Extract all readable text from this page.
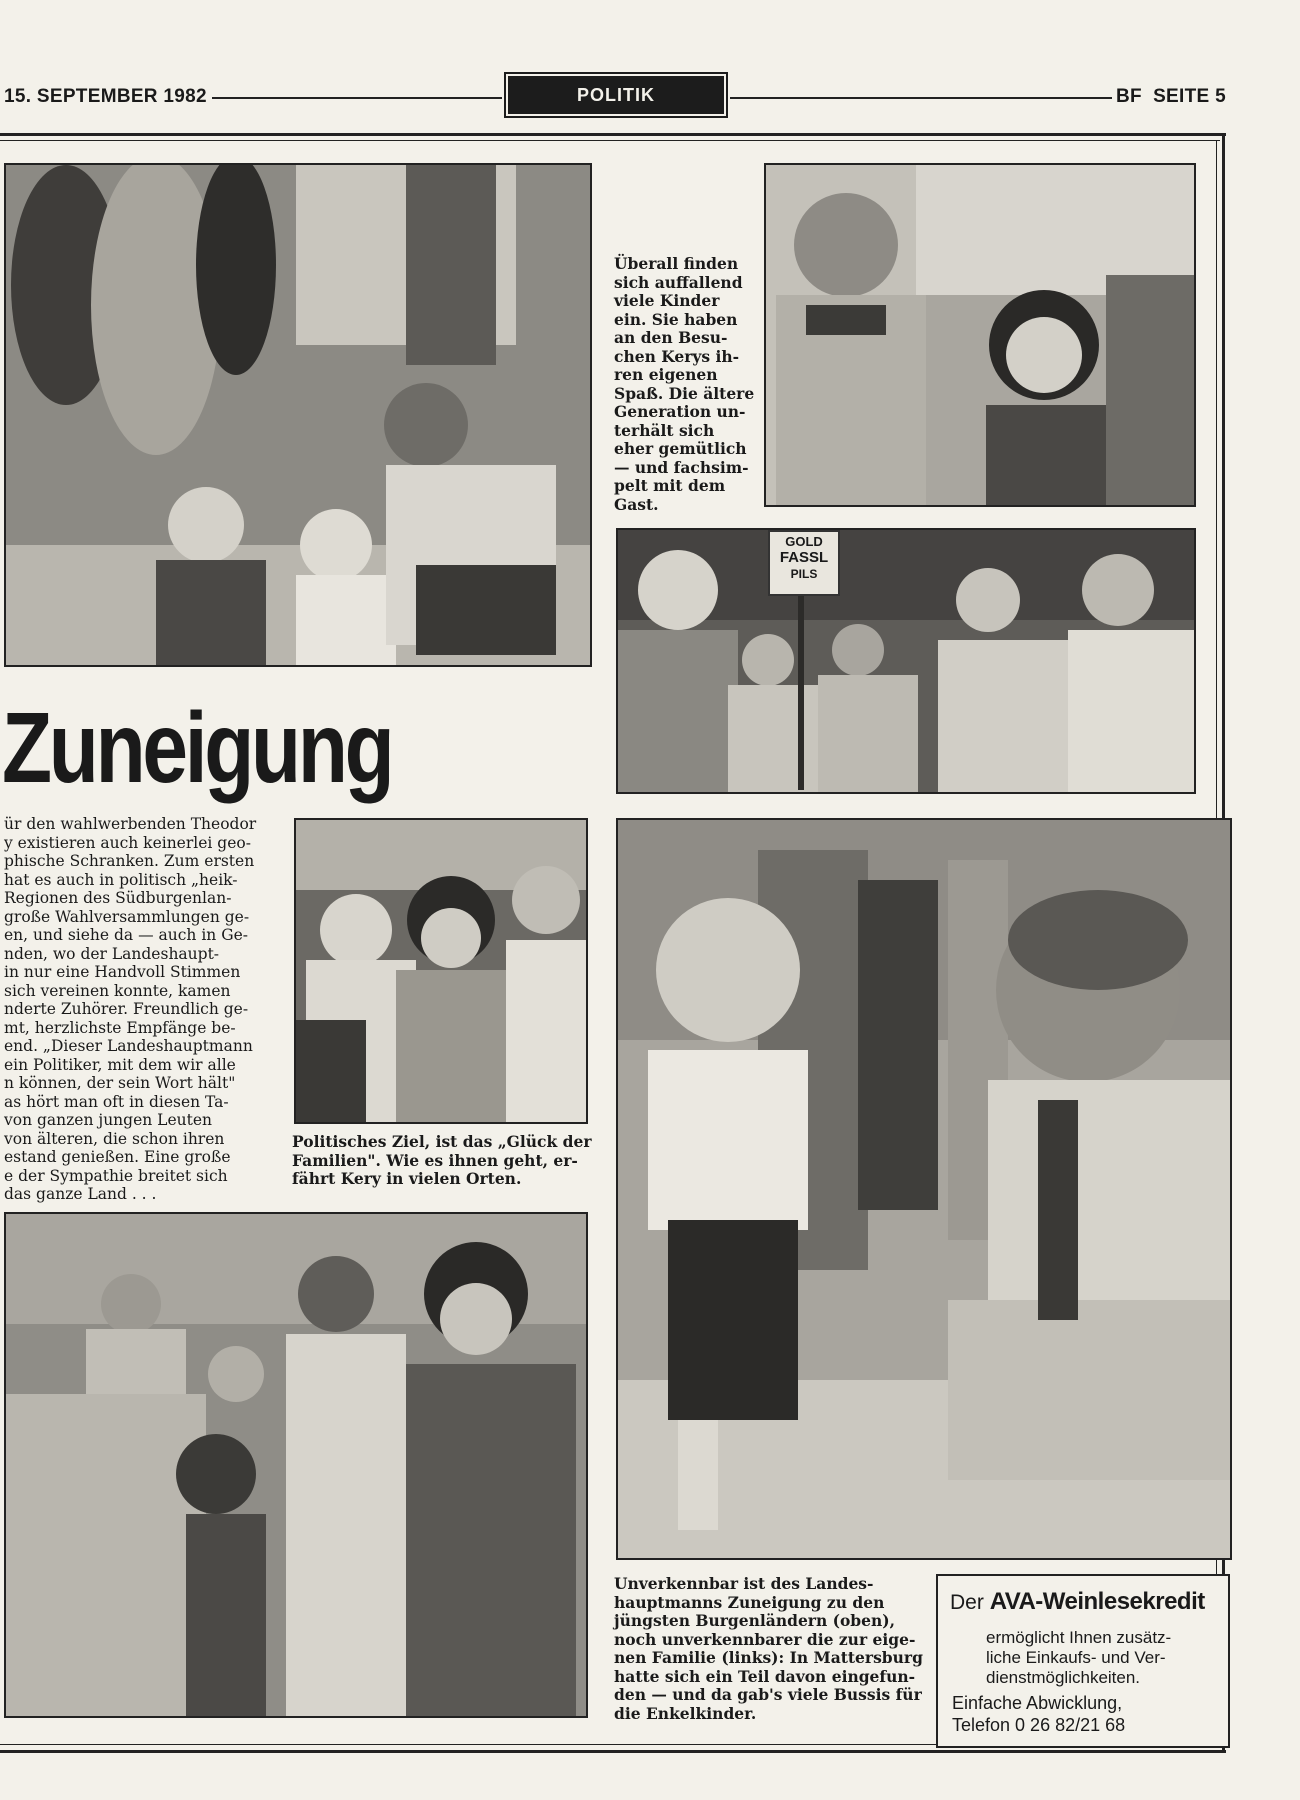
15. SEPTEMBER 1982	POLITIK	BF  SEITE 5
Überall finden
sich auffallend
viele Kinder
ein. Sie haben
an den Besu-
chen Kerys ih-
ren eigenen
Spaß. Die ältere
Generation un-
terhält sich
eher gemütlich
— und fachsim-
pelt mit dem
Gast.
GOLD
FASSL
PILS
Zuneigung
ür den wahlwerbenden Theodor
y existieren auch keinerlei geo-
phische Schranken. Zum ersten
hat es auch in politisch „heik-
Regionen des Südburgenlan-
große Wahlversammlungen ge-
en, und siehe da — auch in Ge-
nden, wo der Landeshaupt-
in nur eine Handvoll Stimmen
sich vereinen konnte, kamen
nderte Zuhörer. Freundlich ge-
mt, herzlichste Empfänge be-
end. „Dieser Landeshauptmann
ein Politiker, mit dem wir alle
n können, der sein Wort hält"
as hört man oft in diesen Ta-
von ganzen jungen Leuten
von älteren, die schon ihren
estand genießen. Eine große
e der Sympathie breitet sich
das ganze Land . . .
Politisches Ziel, ist das „Glück der
Familien". Wie es ihnen geht, er-
fährt Kery in vielen Orten.
Unverkennbar ist des Landes-
hauptmanns Zuneigung zu den
jüngsten Burgenländern (oben),
noch unverkennbarer die zur eige-
nen Familie (links): In Mattersburg
hatte sich ein Teil davon eingefun-
den — und da gab's viele Bussis für
die Enkelkinder.
Der AVA-Weinlesekredit
ermöglicht Ihnen zusätz-
liche Einkaufs- und Ver-
dienstmöglichkeiten.
Einfache Abwicklung,
Telefon 0 26 82/21 68
